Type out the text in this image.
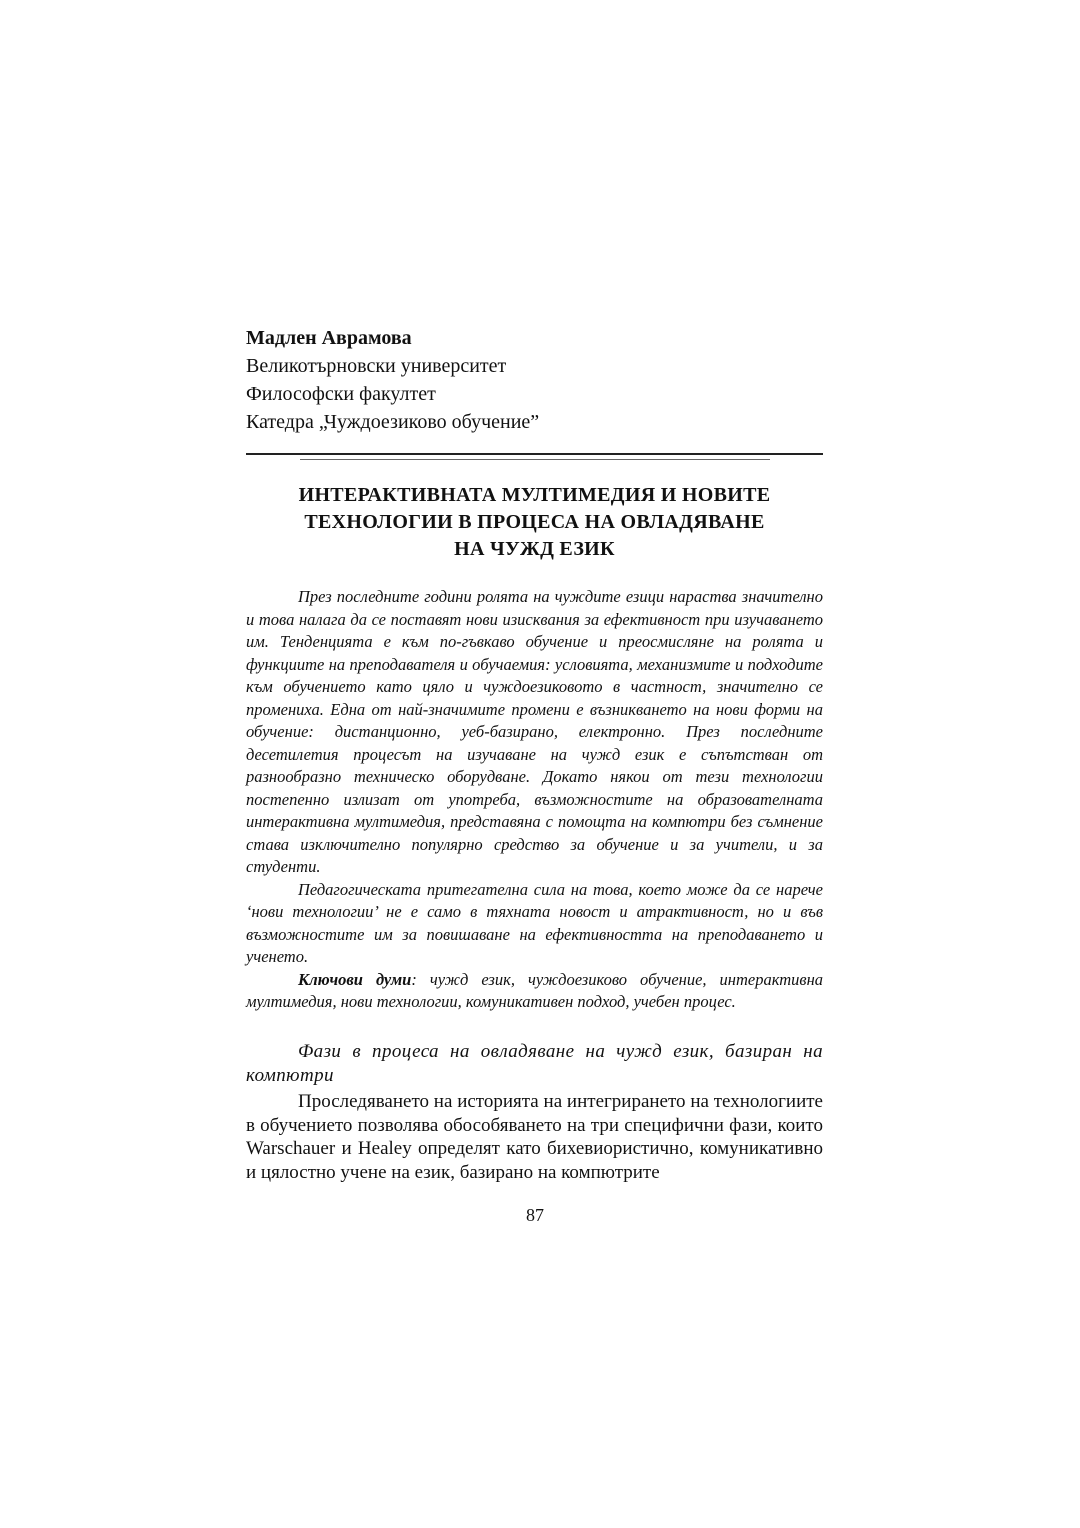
Мадлен Аврамова
Великотърновски университет
Философски факултет
Катедра „Чуждоезиково обучение”
ИНТЕРАКТИВНАТА МУЛТИМЕДИЯ И НОВИТЕ
ТЕХНОЛОГИИ В ПРОЦЕСА НА ОВЛАДЯВАНЕ
НА ЧУЖД ЕЗИК

През последните години ролята на чуждите езици нараства значително и това налага да се поставят нови изисквания за ефективност при изучаването им. Тенденцията е към по-гъвкаво обучение и преосмисляне на ролята и функциите на преподавателя и обучаемия: условията, механизмите и подходите към обучението като цяло и чуждоезиковото в частност, значително се промениха. Една от най-значимите промени е възникването на нови форми на обучение: дистанционно, уеб-базирано, електронно. През последните десетилетия процесът на изучаване на чужд език е съпътстван от разнообразно техническо оборудване. Докато някои от тези технологии постепенно излизат от употреба, възможностите на образователната интерактивна мултимедия, представяна с помощта на компютри без съмнение става изключително популярно средство за обучение и за учители, и за студенти.

Педагогическата притегателна сила на това, което може да се нарече ‘нови технологии’ не е само в тяхната новост и атрактивност, но и във възможностите им за повишаване на ефективността на преподаването и ученето.

Ключови думи: чужд език, чуждоезиково обучение, интерактивна мултимедия, нови технологии, комуникативен подход, учебен процес.

Фази в процеса на овладяване на чужд език, базиран на компютри

Проследяването на историята на интегрирането на технологиите в обучението позволява обособяването на три специфични фази, които Warschauer и Healey определят като бихевиористично, комуникативно и цялостно учене на език, базирано на компютрите

87
